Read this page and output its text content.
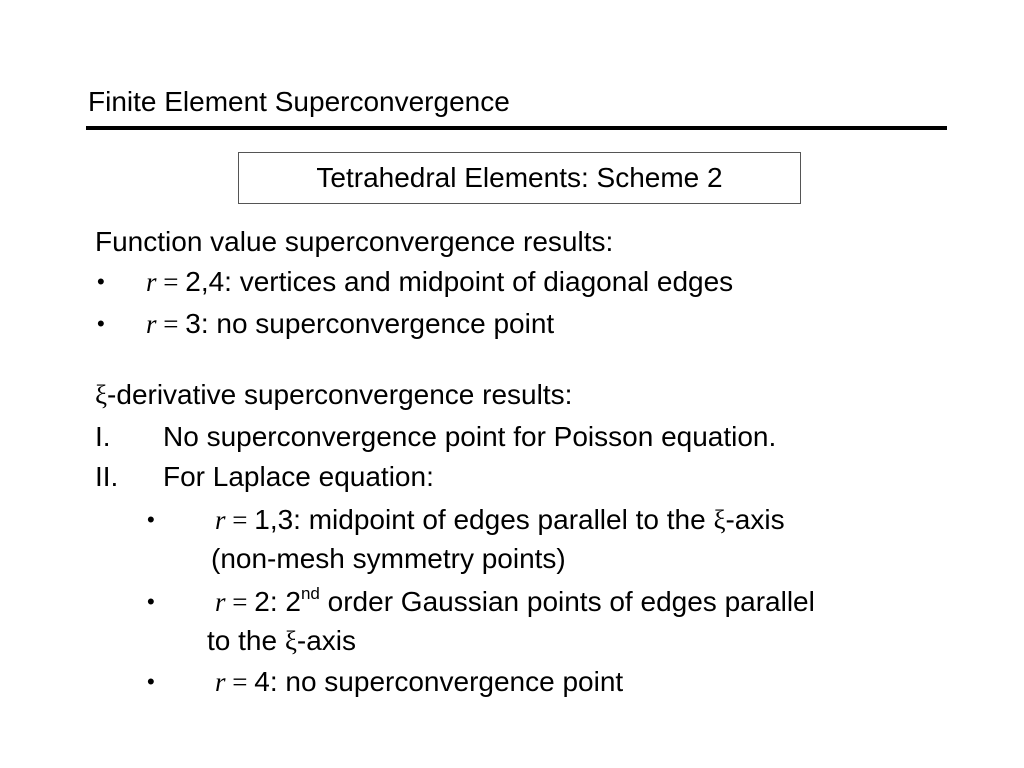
Finite Element Superconvergence
Tetrahedral Elements: Scheme 2
Function value superconvergence results:
• r = 2,4: vertices and midpoint of diagonal edges
• r = 3: no superconvergence point
ξ-derivative superconvergence results:
I. No superconvergence point for Poisson equation.
II. For Laplace equation:
• r = 1,3: midpoint of edges parallel to the ξ-axis
(non-mesh symmetry points)
• r = 2: 2nd order Gaussian points of edges parallel
to the ξ-axis
• r = 4: no superconvergence point
